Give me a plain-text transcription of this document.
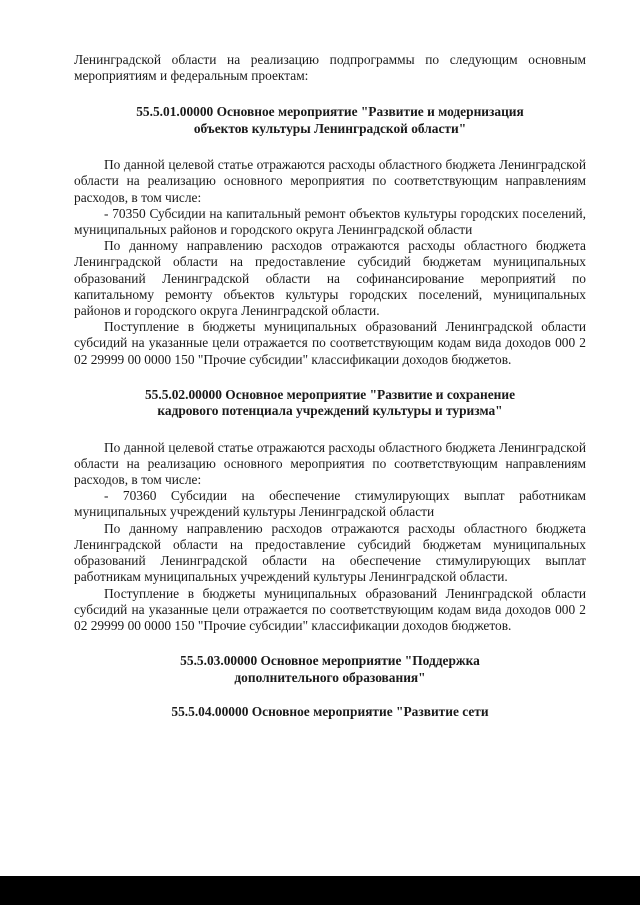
Ленинградской области на реализацию подпрограммы по следующим основным мероприятиям и федеральным проектам:

55.5.01.00000 Основное мероприятие "Развитие и модернизация
объектов культуры Ленинградской области"

По данной целевой статье отражаются расходы областного бюджета Ленинградской области на реализацию основного мероприятия по соответствующим направлениям расходов, в том числе:

- 70350 Субсидии на капитальный ремонт объектов культуры городских поселений, муниципальных районов и городского округа Ленинградской области

По данному направлению расходов отражаются расходы областного бюджета Ленинградской области на предоставление субсидий бюджетам муниципальных образований Ленинградской области на софинансирование мероприятий по капитальному ремонту объектов культуры городских поселений, муниципальных районов и городского округа Ленинградской области.

Поступление в бюджеты муниципальных образований Ленинградской области субсидий на указанные цели отражается по соответствующим кодам вида доходов 000 2 02 29999 00 0000 150 "Прочие субсидии" классификации доходов бюджетов.

55.5.02.00000 Основное мероприятие "Развитие и сохранение
кадрового потенциала учреждений культуры и туризма"

По данной целевой статье отражаются расходы областного бюджета Ленинградской области на реализацию основного мероприятия по соответствующим направлениям расходов, в том числе:

- 70360 Субсидии на обеспечение стимулирующих выплат работникам муниципальных учреждений культуры Ленинградской области

По данному направлению расходов отражаются расходы областного бюджета Ленинградской области на предоставление субсидий бюджетам муниципальных образований Ленинградской области на обеспечение стимулирующих выплат работникам муниципальных учреждений культуры Ленинградской области.

Поступление в бюджеты муниципальных образований Ленинградской области субсидий на указанные цели отражается по соответствующим кодам вида доходов 000 2 02 29999 00 0000 150 "Прочие субсидии" классификации доходов бюджетов.

55.5.03.00000 Основное мероприятие "Поддержка
дополнительного образования"

55.5.04.00000 Основное мероприятие "Развитие сети
